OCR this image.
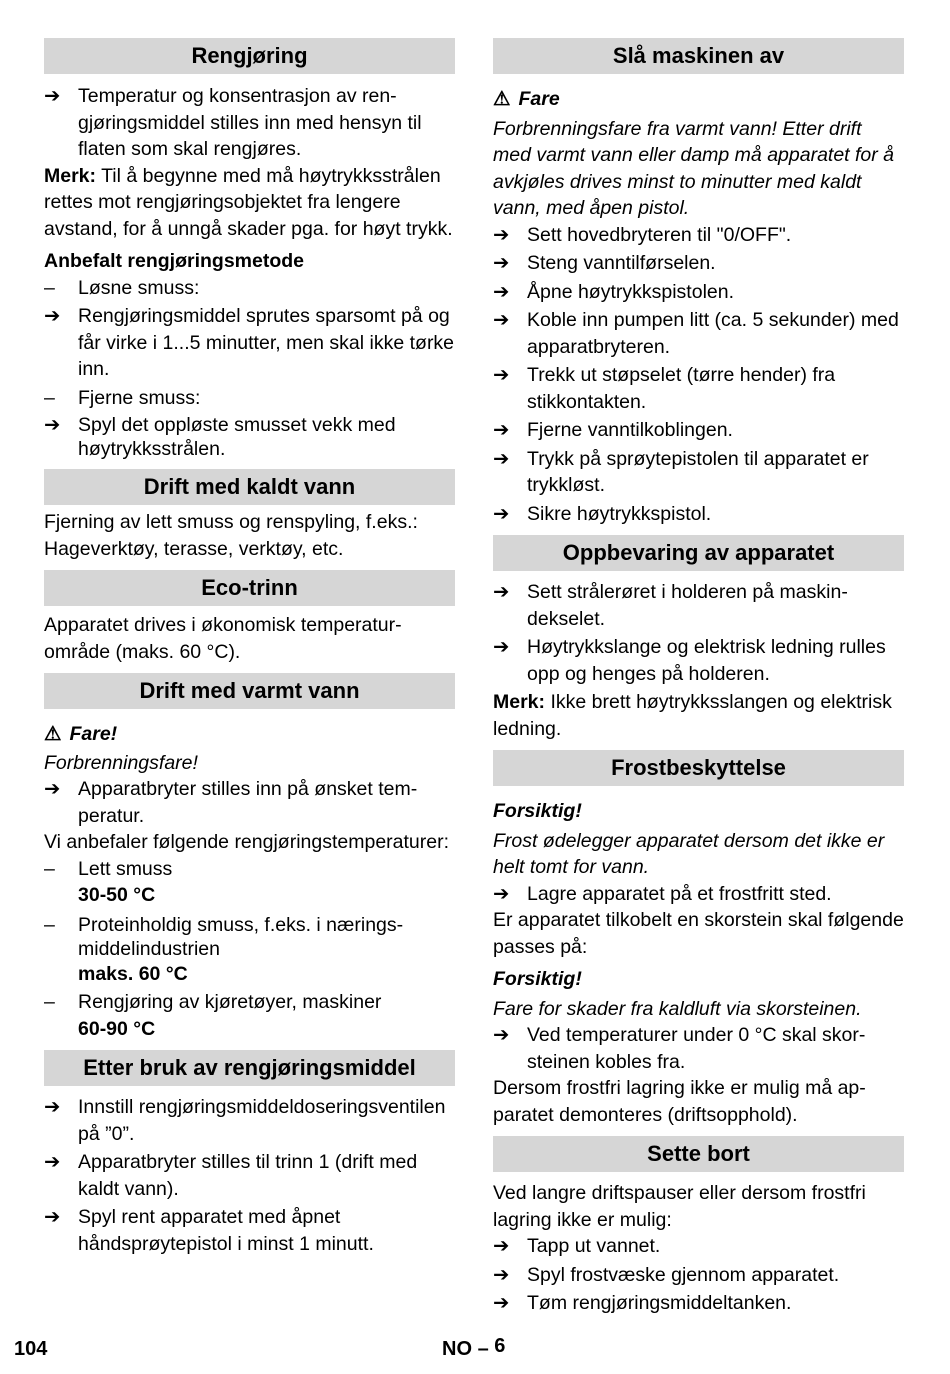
Rengjøring

➔ Temperatur og konsentrasjon av rengjøringsmiddel stilles inn med hensyn til flaten som skal rengjøres.

Merk: Til å begynne med må høytrykksstrålen rettes mot rengjøringsobjektet fra lengere avstand, for å unngå skader pga. for høyt trykk.

Anbefalt rengjøringsmetode

– Løsne smuss:

➔ Rengjøringsmiddel sprutes sparsomt på og får virke i 1...5 minutter, men skal ikke tørke inn.

– Fjerne smuss:

➔ Spyl det oppløste smusset vekk med høytrykksstrålen.

Drift med kaldt vann

Fjerning av lett smuss og renspyling, f.eks.: Hageverktøy, terasse, verktøy, etc.

Eco-trinn

Apparatet drives i økonomisk temperaturområde (maks. 60 °C).

Drift med varmt vann

⚠ Fare!

Forbrenningsfare!

➔ Apparatbryter stilles inn på ønsket temperatur.

Vi anbefaler følgende rengjøringstemperaturer:

– Lett smuss

30-50 °C

– Proteinholdig smuss, f.eks. i næringsmiddelindustrien

maks. 60 °C

– Rengjøring av kjøretøyer, maskiner

60-90 °C

Etter bruk av rengjøringsmiddel

➔ Innstill rengjøringsmiddeldoseringsventilen på ”0”.

➔ Apparatbryter stilles til trinn 1 (drift med kaldt vann).

➔ Spyl rent apparatet med åpnet håndsprøytepistol i minst 1 minutt.

Slå maskinen av

⚠ Fare

Forbrenningsfare fra varmt vann! Etter drift med varmt vann eller damp må apparatet for å avkjøles drives minst to minutter med kaldt vann, med åpen pistol.

➔ Sett hovedbryteren til "0/OFF".

➔ Steng vanntilførselen.

➔ Åpne høytrykkspistolen.

➔ Koble inn pumpen litt (ca. 5 sekunder) med apparatbryteren.

➔ Trekk ut støpselet (tørre hender) fra stikkontakten.

➔ Fjerne vanntilkoblingen.

➔ Trykk på sprøytepistolen til apparatet er trykkløst.

➔ Sikre høytrykkspistol.

Oppbevaring av apparatet

➔ Sett strålerøret i holderen på maskindekselet.

➔ Høytrykkslange og elektrisk ledning rulles opp og henges på holderen.

Merk: Ikke brett høytrykksslangen og elektrisk ledning.

Frostbeskyttelse

Forsiktig!

Frost ødelegger apparatet dersom det ikke er helt tomt for vann.

➔ Lagre apparatet på et frostfritt sted.

Er apparatet tilkobelt en skorstein skal følgende passes på:

Forsiktig!

Fare for skader fra kaldluft via skorsteinen.

➔ Ved temperaturer under 0 °C skal skorsteinen kobles fra.

Dersom frostfri lagring ikke er mulig må apparatet demonteres (driftsopphold).

Sette bort

Ved langre driftspauser eller dersom frostfri lagring ikke er mulig:

➔ Tapp ut vannet.

➔ Spyl frostvæske gjennom apparatet.

➔ Tøm rengjøringsmiddeltanken.

104	NO – 6
